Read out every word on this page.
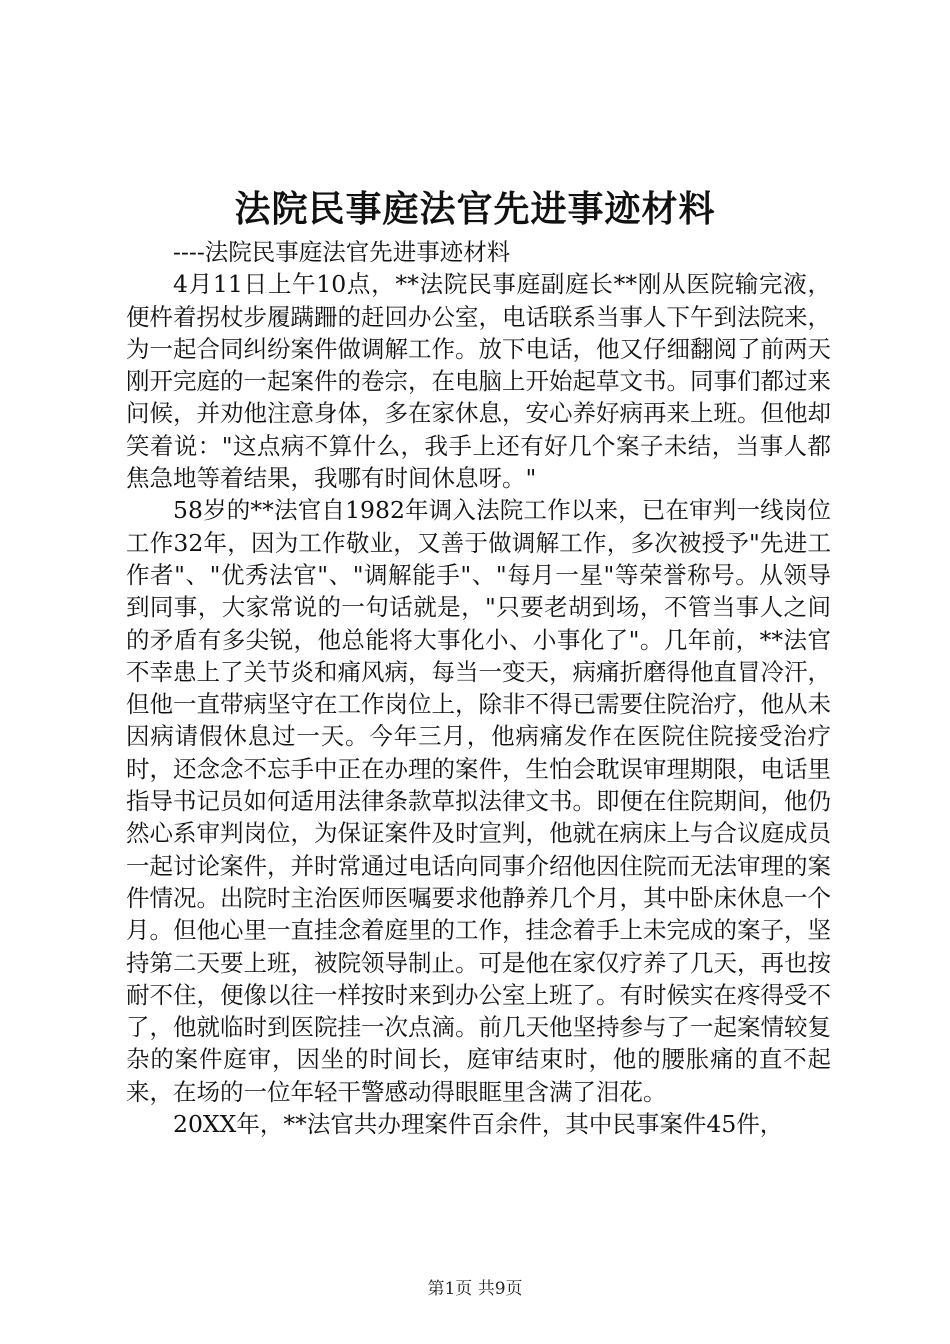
法院民事庭法官先进事迹材料

----法院民事庭法官先进事迹材料

4月11日上午10点，**法院民事庭副庭长**刚从医院输完液，便杵着拐杖步履蹒跚的赶回办公室，电话联系当事人下午到法院来，为一起合同纠纷案件做调解工作。放下电话，他又仔细翻阅了前两天刚开完庭的一起案件的卷宗，在电脑上开始起草文书。同事们都过来问候，并劝他注意身体，多在家休息，安心养好病再来上班。但他却笑着说："这点病不算什么，我手上还有好几个案子未结，当事人都焦急地等着结果，我哪有时间休息呀。"

58岁的**法官自1982年调入法院工作以来，已在审判一线岗位工作32年，因为工作敬业，又善于做调解工作，多次被授予"先进工作者"、"优秀法官"、"调解能手"、"每月一星"等荣誉称号。从领导到同事，大家常说的一句话就是，"只要老胡到场，不管当事人之间的矛盾有多尖锐，他总能将大事化小、小事化了"。几年前，**法官不幸患上了关节炎和痛风病，每当一变天，病痛折磨得他直冒冷汗，但他一直带病坚守在工作岗位上，除非不得已需要住院治疗，他从未因病请假休息过一天。今年三月，他病痛发作在医院住院接受治疗时，还念念不忘手中正在办理的案件，生怕会耽误审理期限，电话里指导书记员如何适用法律条款草拟法律文书。即便在住院期间，他仍然心系审判岗位，为保证案件及时宣判，他就在病床上与合议庭成员一起讨论案件，并时常通过电话向同事介绍他因住院而无法审理的案件情况。出院时主治医师医嘱要求他静养几个月，其中卧床休息一个月。但他心里一直挂念着庭里的工作，挂念着手上未完成的案子，坚持第二天要上班，被院领导制止。可是他在家仅疗养了几天，再也按耐不住，便像以往一样按时来到办公室上班了。有时候实在疼得受不了，他就临时到医院挂一次点滴。前几天他坚持参与了一起案情较复杂的案件庭审，因坐的时间长，庭审结束时，他的腰胀痛的直不起来，在场的一位年轻干警感动得眼眶里含满了泪花。

20XX年，**法官共办理案件百余件，其中民事案件45件，

第1页 共9页
